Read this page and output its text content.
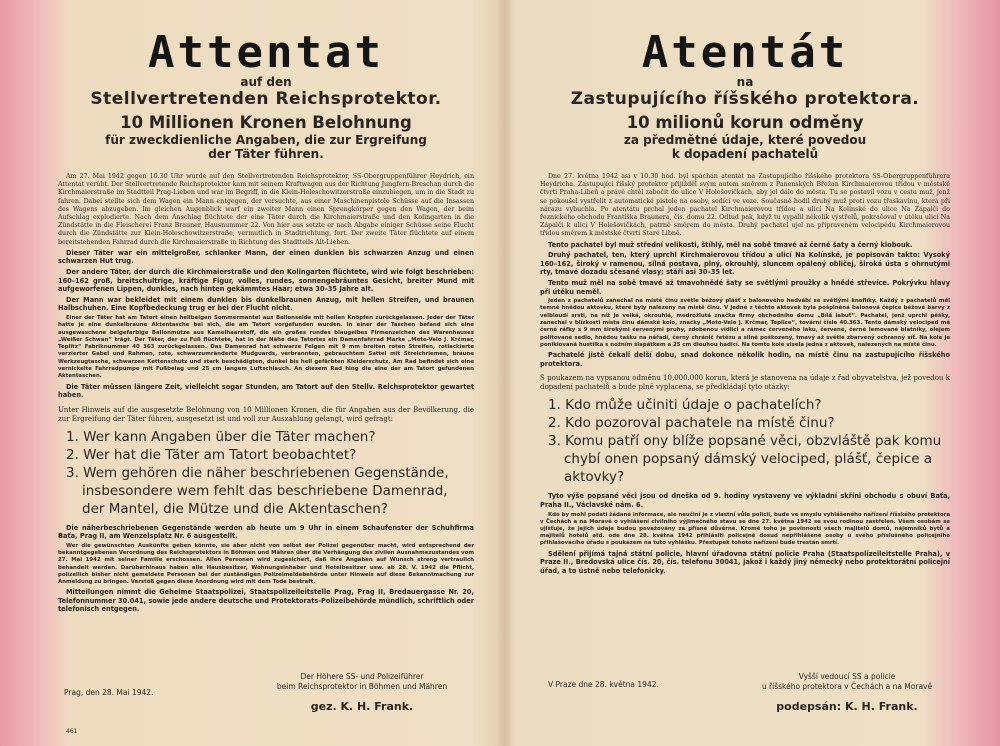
Attentat
auf den
Stellvertretenden Reichsprotektor.
10 Millionen Kronen Belohnung
für zweckdienliche Angaben, die zur Ergreifung
der Täter führen.

Am 27. Mai 1942 gegen 10.30 Uhr wurde auf den Stellvertretenden Reichsprotektor, SS-Obergruppenführer Heydrich, ein Attentat verübt. Der Stellvertretende Reichsprotektor kam mit seinem Kraftwagen aus der Richtung Jungfern-Breschan durch die Kirchmaierstraße im Stadtteil Prag-Lieben und war im Begriff, in die Klein-Holeschowitzerstraße einzubiegen, um in die Stadt zu fahren. Dabei stellte sich dem Wagen ein Mann entgegen, der versuchte, aus einer Maschinenpistole Schüsse auf die Insassen des Wagens abzugeben. Im gleichen Augenblick warf ein zweiter Mann einen Sprengkörper gegen den Wagen, der beim Aufschlag explodierte. Nach dem Anschlag flüchtete der eine Täter durch die Kirchmaierstraße und den Kolingarten in die Zündstätte in die Fleischerei Franz Brauner, Hausnummer 22. Von hier aus setzte er nach Abgabe einiger Schüsse seine Flucht durch die Zündstätte zur Klein-Holeschowitzerstraße, vermutlich in Stadtrichtung, fort. Der zweite Täter flüchtete auf einem bereitstehenden Fahrrad durch die Kirchmaierstraße in Richtung des Stadtteils Alt-Lieben.

Dieser Täter war ein mittelgroßer, schlanker Mann, der einen dunklen bis schwarzen Anzug und einen schwarzen Hut trug.

Der andere Täter, der durch die Kirchmaierstraße und den Kolingarten flüchtete, wird wie folgt beschrieben: 160–162 groß, breitschultrige, kräftige Figur, volles, rundes, sonnengebräuntes Gesicht, breiter Mund mit aufgeworfenen Lippen, dunkles, nach hinten gekämmtes Haar; etwa 30–35 Jahre alt.

Der Mann war bekleidet mit einem dunklen bis dunkelbraunen Anzug, mit hellen Streifen, und braunen Halbschuhen. Eine Kopfbedeckung trug er bei der Flucht nicht.

Einer der Täter hat am Tatort einen hellbeigen Sommermantel aus Ballonseide mit hellen Knöpfen zurückgelassen. Jeder der Täter hatte je eine dunkelbraune Aktentasche bei sich, die am Tatort vorgefunden wurden. In einer der Taschen befand sich eine ausgewaschene beigefarbige Ballonmütze aus Kamelhaarstoff, die ein großes rundes blaugelbes Firmenzeichen des Warenhauses „Weißer Schwan“ trägt. Der Täter, der zu Fuß flüchtete, hat in der Nähe des Tatortes ein Damenfahrrad Marke „Moto-Velo J. Krčmar, Teplitz“ Fabriknummer 40 363 zurückgelassen. Das Damenrad hat schwarze Felgen mit 9 mm breiten roten Streifen, rotlackierte verzierter Gabel und Rahmen, rote, schwarzumränderte Mudguards, verbrannten, gebrauchtem Sattel mit Streichriemen, braune Werkzeugtasche, schwarzen Kettenschutz und stark beschädigten, dunkel bis hell gefärbten Kleiderschutz. Am Rad befindet sich eine vernickelte Fahrradpumpe mit Fußbelag und 25 cm langem Luftschlauch. An diesem Rad hing die eine der am Tatort gefundenen Aktentaschen.

Die Täter müssen längere Zeit, vielleicht sogar Stunden, am Tatort auf den Stellv. Reichsprotektor gewartet haben.

Unter Hinweis auf die ausgesetzte Belohnung von 10 Millionen Kronen, die für Angaben aus der Bevölkerung, die zur Ergreifung der Täter führen, ausgesetzt ist und voll zur Auszahlung gelangt, wird gefragt:
1. Wer kann Angaben über die Täter machen?
2. Wer hat die Täter am Tatort beobachtet?
3. Wem gehören die näher beschriebenen Gegenstände, insbesondere wem fehlt das beschriebene Damenrad, der Mantel, die Mütze und die Aktentaschen?

Die näherbeschriebenen Gegenstände werden ab heute um 9 Uhr in einem Schaufenster der Schuhfirma Baťa, Prag II, am Wenzelsplatz Nr. 6 ausgestellt.

Wer die gewünschten Auskünfte geben könnte, sie aber nicht von selbst der Polizei gegenüber macht, wird entsprechend der bekanntgegebenen Verordnung des Reichsprotektors in Böhmen und Mähren über die Verhängung des zivilen Ausnahmezustandes vom 27. Mai 1942 mit seiner Familie erschossen. Allen Personen wird zugesichert, daß ihre Angaben auf Wunsch streng vertraulich behandelt werden. Darüberhinaus haben alle Hausbesitzer, Wohnungsinhaber und Hotelbesitzer usw. ab 28. V. 1942 die Pflicht, polizeilich bisher nicht gemeldete Personen bei der zuständigen Polizeimeldebehörde unter Hinweis auf diese Bekanntmachung zur Anmeldung zu bringen. Verstöß gegen diese Anordnung wird mit dem Tode bestraft.

Mitteilungen nimmt die Geheime Staatspolizei, Staatspolizeileitstelle Prag, Prag II, Bredauergasse Nr. 20, Telefonnummer 30.041, sowie jede andere deutsche und Protektorats-Polizeibehörde mündlich, schriftlich oder telefonisch entgegen.

Prag, den 28. Mai 1942.
Der Höhere SS- und Polizeiführer
beim Reichsprotektor in Böhmen und Mähren
gez. K. H. Frank.
461
Atentát
na
Zastupujícího říšského protektora.
10 milionů korun odměny
za předmětné údaje, které povedou
k dopadení pachatelů

Dne 27. května 1942 asi v 10.30 hod. byl spáchán atentát na Zastupujícího říšského protektora SS-Obergruppenführera Heydricha. Zastupující říšský protektor přijížděl svým autem směrem z Panenských Břežan Kirchmaierovou třídou v městské čtvrti Praha-Libeň a právě chtěl zabočit do ulice V Holešovičkách, aby jel dále do města. Tu se postavil vozu v cestu muž, jenž se pokoušel vystřelit z automatické pistole na osoby, sedící ve voze. Současně hodil druhý muž proti vozu třaskavinu, která při nárazu vybuchla. Po atentátu prchal jeden pachatel Kirchmaierovou třídou a ulicí Na Kolínské do ulice Na Zápalči do řeznického obchodu Františka Braunera, čís. domu 22. Odtud pak, když tu vypálil několik výstřelů, pokračoval v útěku ulicí Na Zápalči k ulici V Holešovičkách, patrně směrem do města. Druhý pachatel ujel na připraveném velocipédu Kirchmaierovou třídou směrem k městské čtvrti Staré Libně.

Tento pachatel byl muž střední velikosti, štíhlý, měl na sobě tmavé až černé šaty a černý klobouk.

Druhý pachatel, ten, který uprchl Kirchmaierovou třídou a ulicí Na Kolínské, je popisován takto: Vysoký 160–162, široký v ramenou, silná postava, plný, okrouhlý, sluncem opálený obličej, široká ústa s ohrnutými rty, tmavé dozadu sčesané vlasy; stáří asi 30–35 let.

Tento muž měl na sobě tmavé až tmavohnědé šaty se světlými proužky a hnědé střevíce. Pokrývku hlavy při útěku neměl.

Jeden z pachatelů zanechal na místě činu světle béžový plášť z balonového hedvábí se světlými knoflíky. Každý z pachatelů měl temně hnědou aktovku, které byly nalezeny na místě činu. V jedné z těchto aktovek byla pošpiněná balonová čepice béžové barvy z velbloudí srsti, na níž je velká, okrouhlá, modrožlutá značka firmy obchodního domu „Bílá labuť“. Pachatel, jenž uprchl pěšky, zanechal v blízkosti místa činu dámské kolo, značky „Moto-Velo J. Krčmar, Teplice“, tovární číslo 40.363. Tento dámský velociped má černé ráfky s 9 mm širokými červenými pruhy, zdobenou vidlici a rámec červeného laku, červené, černě lemované blatníky, olejem politované sedlo, hnědou tašku na nářadí, černý chránič řetězu a silně poškozený, tmavý až světle zbarvený ochranný síť. Na kole je poniklovaná hustilka s nožním šlapátkem a 25 cm dlouhou hadicí. Na tomto kole visela jedna z aktovek, nalezených na místě činu.

Pachatelé jistě čekali delší dobu, snad dokonce několik hodin, na místě činu na zastupujícího říšského protektora.

S poukazem na vypsanou odměnu 10,000.000 korun, která je stanovena na údaje z řad obyvatelstva, jež povedou k dopadení pachatelů a bude plně vyplacena, se předkládají tyto otázky:
1. Kdo může učiniti údaje o pachatelích?
2. Kdo pozoroval pachatele na místě činu?
3. Komu patří ony blíže popsané věci, obzvláště pak komu chybí onen popsaný dámský velociped, plášť, čepice a aktovky?

Tyto výše popsané věci jsou od dneška od 9. hodiny vystaveny ve výkladní skříni obchodu s obuví Baťa, Praha II., Václavské nám. 6.

Kdo by mohl podati žádané informace, ale neučiní je z vlastní vůle policii, bude ve smyslu vyhlášeného nařízení říšského protektora v Čechách a na Moravě o vyhlášení civilního výjimečného stavu se dne 27. května 1942 se svou rodinou zastřelen. Všem osobám se ujišťuje, že jejich údaje budou považovány za přísně důvěrné. Kromě toho je povinností všech majitelů domů, nájemníků bytů a majitelů hotelů atd. ode dne 28. května 1942 přihlásiti policejně dosud nepřihlášené osoby u svého příslušného policejního přihlašovacího úřadu s poukazem na tuto vyhlášku. Přestupek tohoto nařízení bude trestán smrtí.

Sdělení přijímá tajná státní policie, hlavní úřadovna státní policie Praha (Staatspolizeileitstelle Praha), v Praze II., Bredovská ulice čís. 20, čís. telefonu 30041, jakož i každý jiný německý nebo protektorátní policejní úřad, a to ústně nebo telefonicky.

V Praze dne 28. května 1942.
Vyšší vedoucí SS a policie
u říšského protektora v Čechách a na Moravě
podepsán: K. H. Frank.
